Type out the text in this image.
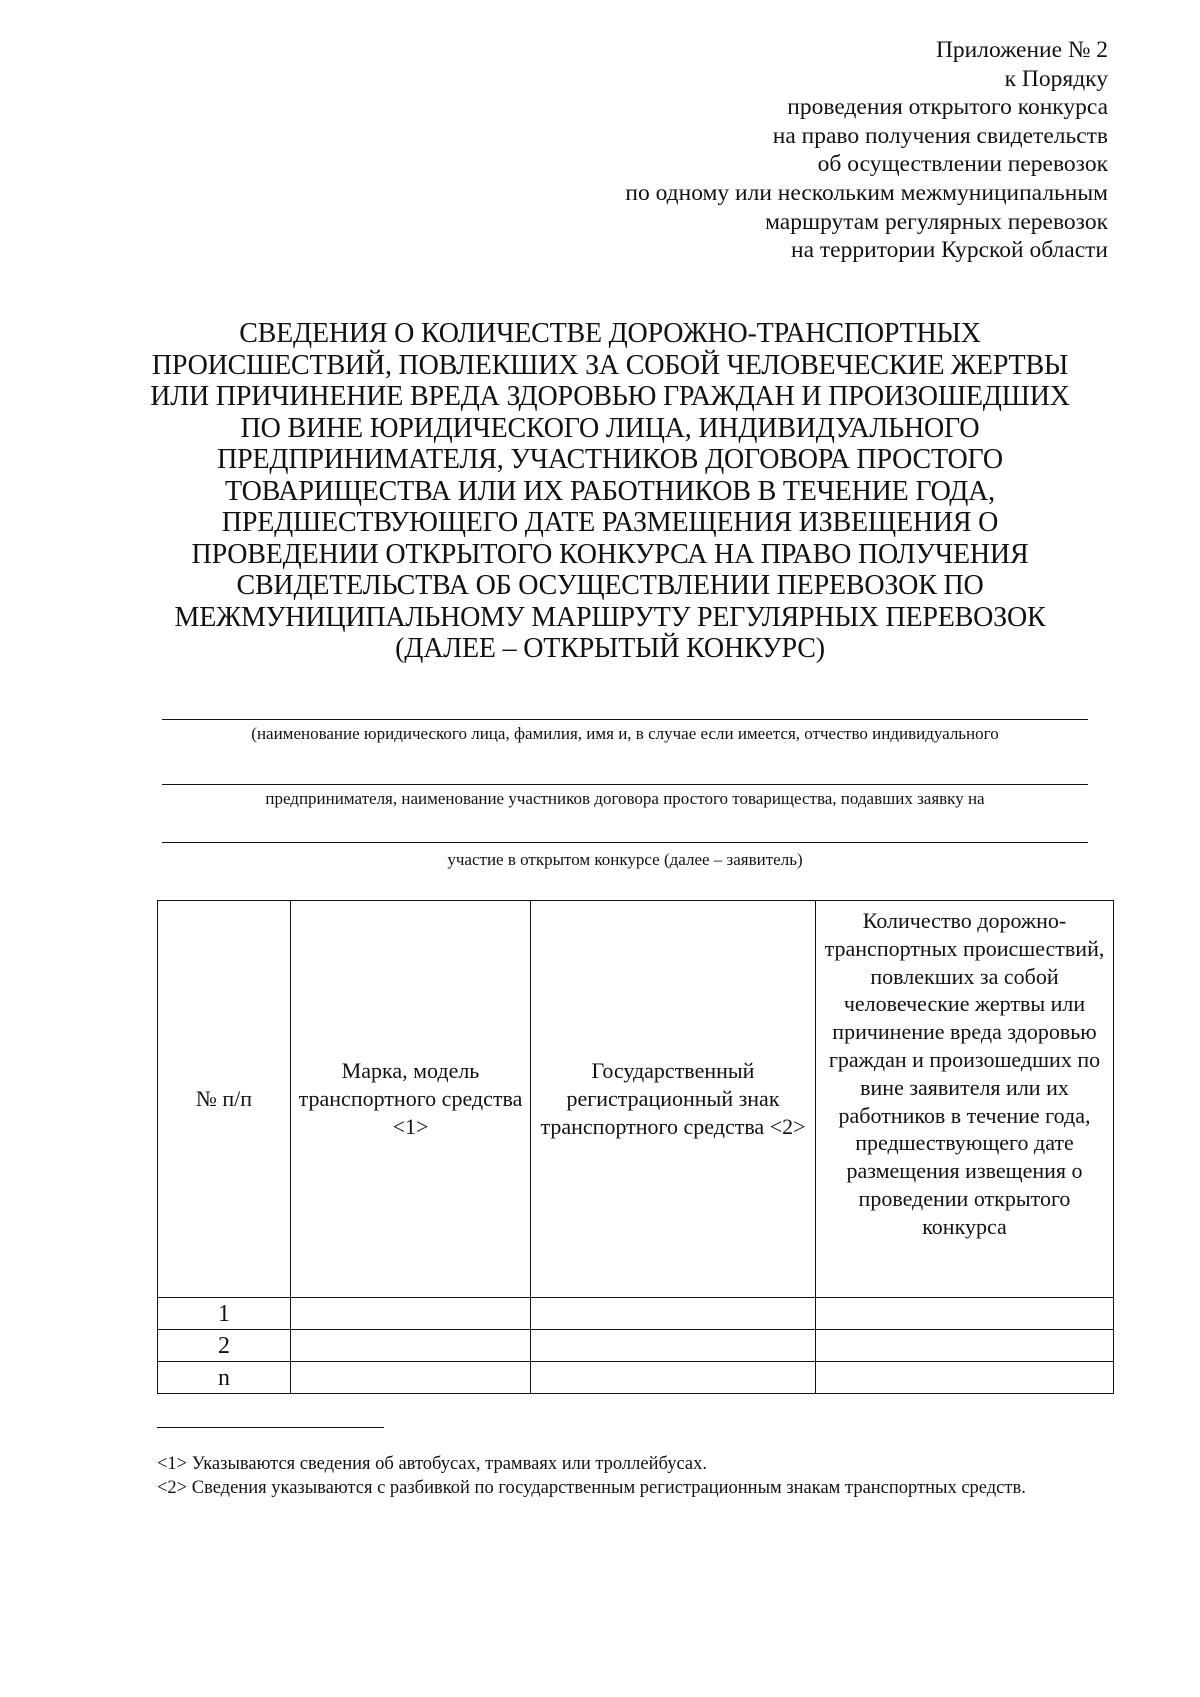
Приложение № 2
к Порядку
проведения открытого конкурса
на право получения свидетельств
об осуществлении перевозок
по одному или нескольким межмуниципальным
маршрутам регулярных перевозок
на территории Курской области
СВЕДЕНИЯ О КОЛИЧЕСТВЕ ДОРОЖНО-ТРАНСПОРТНЫХ
ПРОИСШЕСТВИЙ, ПОВЛЕКШИХ ЗА СОБОЙ ЧЕЛОВЕЧЕСКИЕ ЖЕРТВЫ
ИЛИ ПРИЧИНЕНИЕ ВРЕДА ЗДОРОВЬЮ ГРАЖДАН И ПРОИЗОШЕДШИХ
ПО ВИНЕ ЮРИДИЧЕСКОГО ЛИЦА, ИНДИВИДУАЛЬНОГО
ПРЕДПРИНИМАТЕЛЯ, УЧАСТНИКОВ ДОГОВОРА ПРОСТОГО
ТОВАРИЩЕСТВА ИЛИ ИХ РАБОТНИКОВ В ТЕЧЕНИЕ ГОДА,
ПРЕДШЕСТВУЮЩЕГО ДАТЕ РАЗМЕЩЕНИЯ ИЗВЕЩЕНИЯ О
ПРОВЕДЕНИИ ОТКРЫТОГО КОНКУРСА НА ПРАВО ПОЛУЧЕНИЯ
СВИДЕТЕЛЬСТВА ОБ ОСУЩЕСТВЛЕНИИ ПЕРЕВОЗОК ПО
МЕЖМУНИЦИПАЛЬНОМУ МАРШРУТУ РЕГУЛЯРНЫХ ПЕРЕВОЗОК
(ДАЛЕЕ – ОТКРЫТЫЙ КОНКУРС)
(наименование юридического лица, фамилия, имя и, в случае если имеется, отчество индивидуального
предпринимателя, наименование участников договора простого товарищества, подавших заявку на
участие в открытом конкурсе (далее – заявитель)
№ п/п	Марка, модель транспортного средства <1>	Государственный регистрационный знак транспортного средства <2>	Количество дорожно-транспортных происшествий, повлекших за собой человеческие жертвы или причинение вреда здоровью граждан и произошедших по вине заявителя или их работников в течение года, предшествующего дате размещения извещения о проведении открытого конкурса
1			
2			
n			
<1> Указываются сведения об автобусах, трамваях или троллейбусах.
<2> Сведения указываются с разбивкой по государственным регистрационным знакам транспортных средств.
